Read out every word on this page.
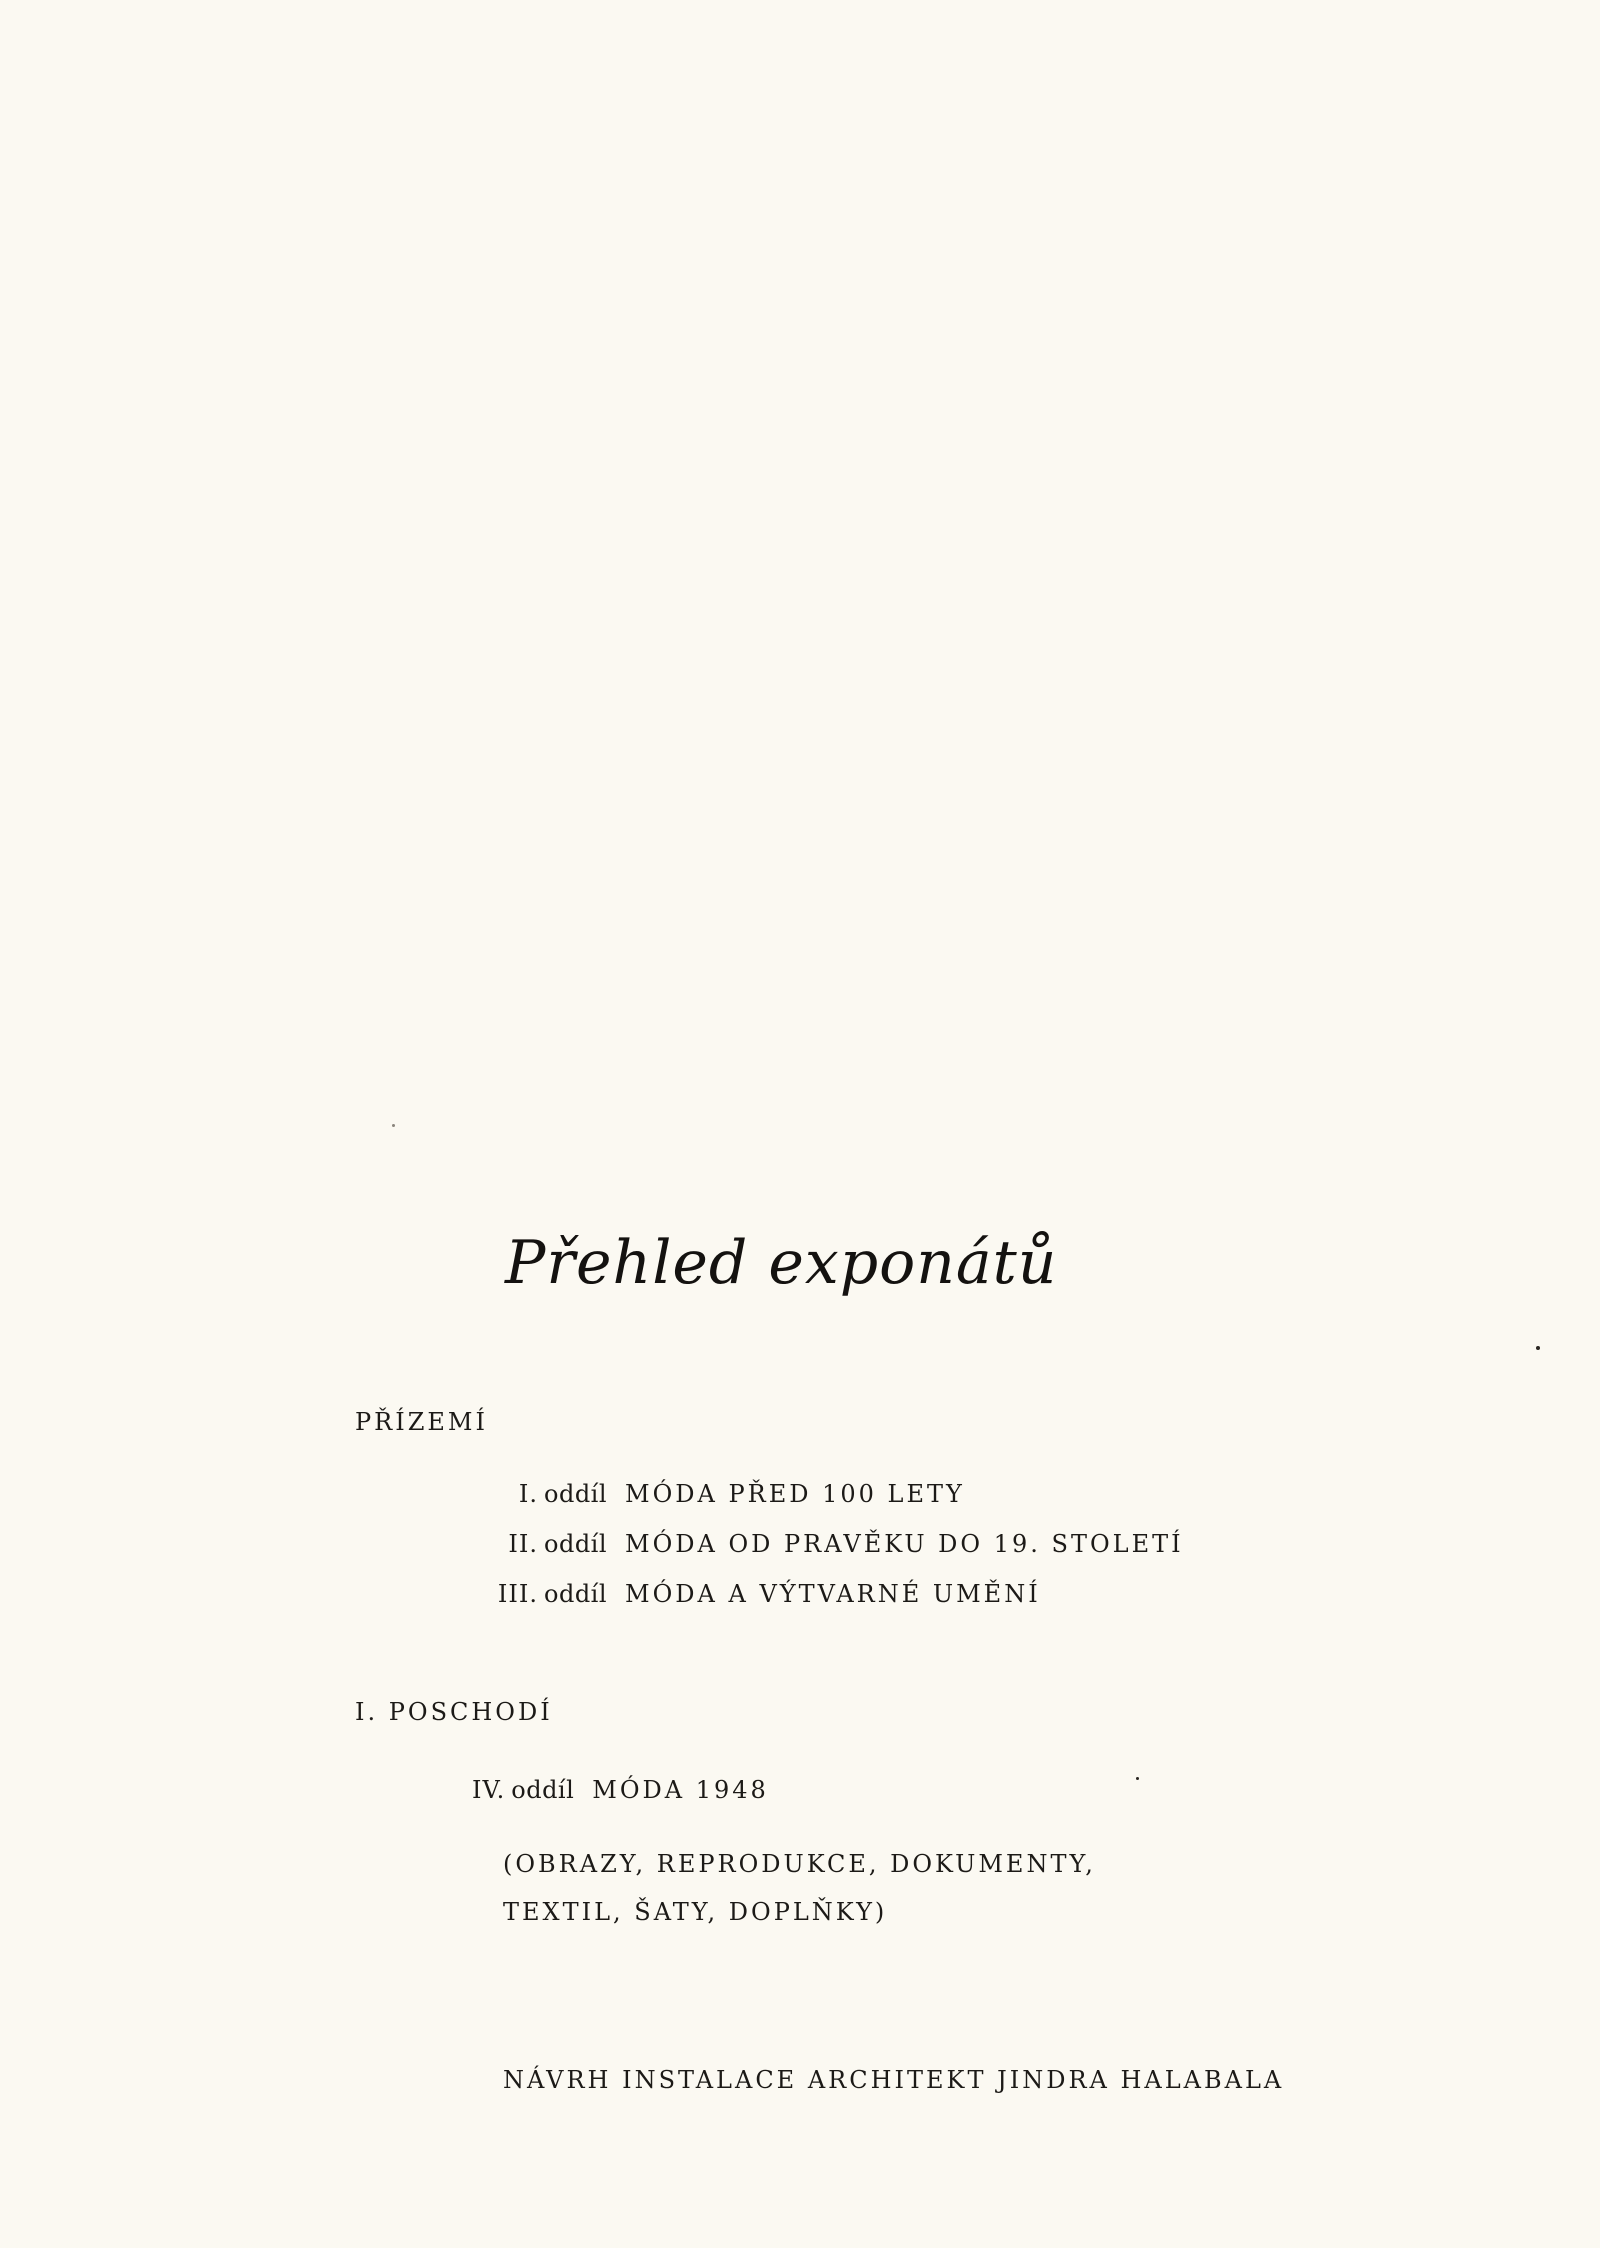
Přehled exponátů
PŘÍZEMÍ
I. oddíl MÓDA PŘED 100 LETY
II. oddíl MÓDA OD PRAVĚKU DO 19. STOLETÍ
III. oddíl MÓDA A VÝTVARNÉ UMĚNÍ
I. POSCHODÍ
IV. oddíl MÓDA 1948
(OBRAZY, REPRODUKCE, DOKUMENTY,
TEXTIL, ŠATY, DOPLŇKY)
NÁVRH INSTALACE ARCHITEKT JINDRA HALABALA
